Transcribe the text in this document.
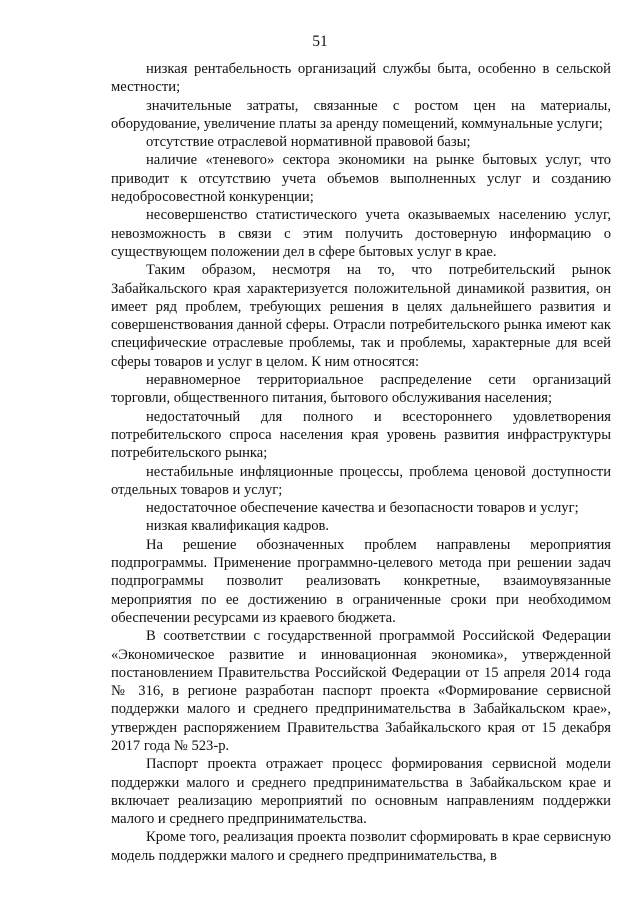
51

низкая рентабельность организаций службы быта, особенно в сельской местности;

значительные затраты, связанные с ростом цен на материалы, оборудование, увеличение платы за аренду помещений, коммунальные услуги;

отсутствие отраслевой нормативной правовой базы;

наличие «теневого» сектора экономики на рынке бытовых услуг, что приводит к отсутствию учета объемов выполненных услуг и созданию недобросовестной конкуренции;

несовершенство статистического учета оказываемых населению услуг, невозможность в связи с этим получить достоверную информацию о существующем положении дел в сфере бытовых услуг в крае.

Таким образом, несмотря на то, что потребительский рынок Забайкальского края характеризуется положительной динамикой развития, он имеет ряд проблем, требующих решения в целях дальнейшего развития и совершенствования данной сферы. Отрасли потребительского рынка имеют как специфические отраслевые проблемы, так и проблемы, характерные для всей сферы товаров и услуг в целом. К ним относятся:

неравномерное территориальное распределение сети организаций торговли, общественного питания, бытового обслуживания населения;

недостаточный для полного и всестороннего удовлетворения потребительского спроса населения края уровень развития инфраструктуры потребительского рынка;

нестабильные инфляционные процессы, проблема ценовой доступности отдельных товаров и услуг;

недостаточное обеспечение качества и безопасности товаров и услуг;

низкая квалификация кадров.

На решение обозначенных проблем направлены мероприятия подпрограммы. Применение программно-целевого метода при решении задач подпрограммы позволит реализовать конкретные, взаимоувязанные мероприятия по ее достижению в ограниченные сроки при необходимом обеспечении ресурсами из краевого бюджета.

В соответствии с государственной программой Российской Федерации «Экономическое развитие и инновационная экономика», утвержденной постановлением Правительства Российской Федерации от 15 апреля 2014 года № 316, в регионе разработан паспорт проекта «Формирование сервисной поддержки малого и среднего предпринимательства в Забайкальском крае», утвержден распоряжением Правительства Забайкальского края от 15 декабря 2017 года № 523-р.

Паспорт проекта отражает процесс формирования сервисной модели поддержки малого и среднего предпринимательства в Забайкальском крае и включает реализацию мероприятий по основным направлениям поддержки малого и среднего предпринимательства.

Кроме того, реализация проекта позволит сформировать в крае сервисную модель поддержки малого и среднего предпринимательства, в
